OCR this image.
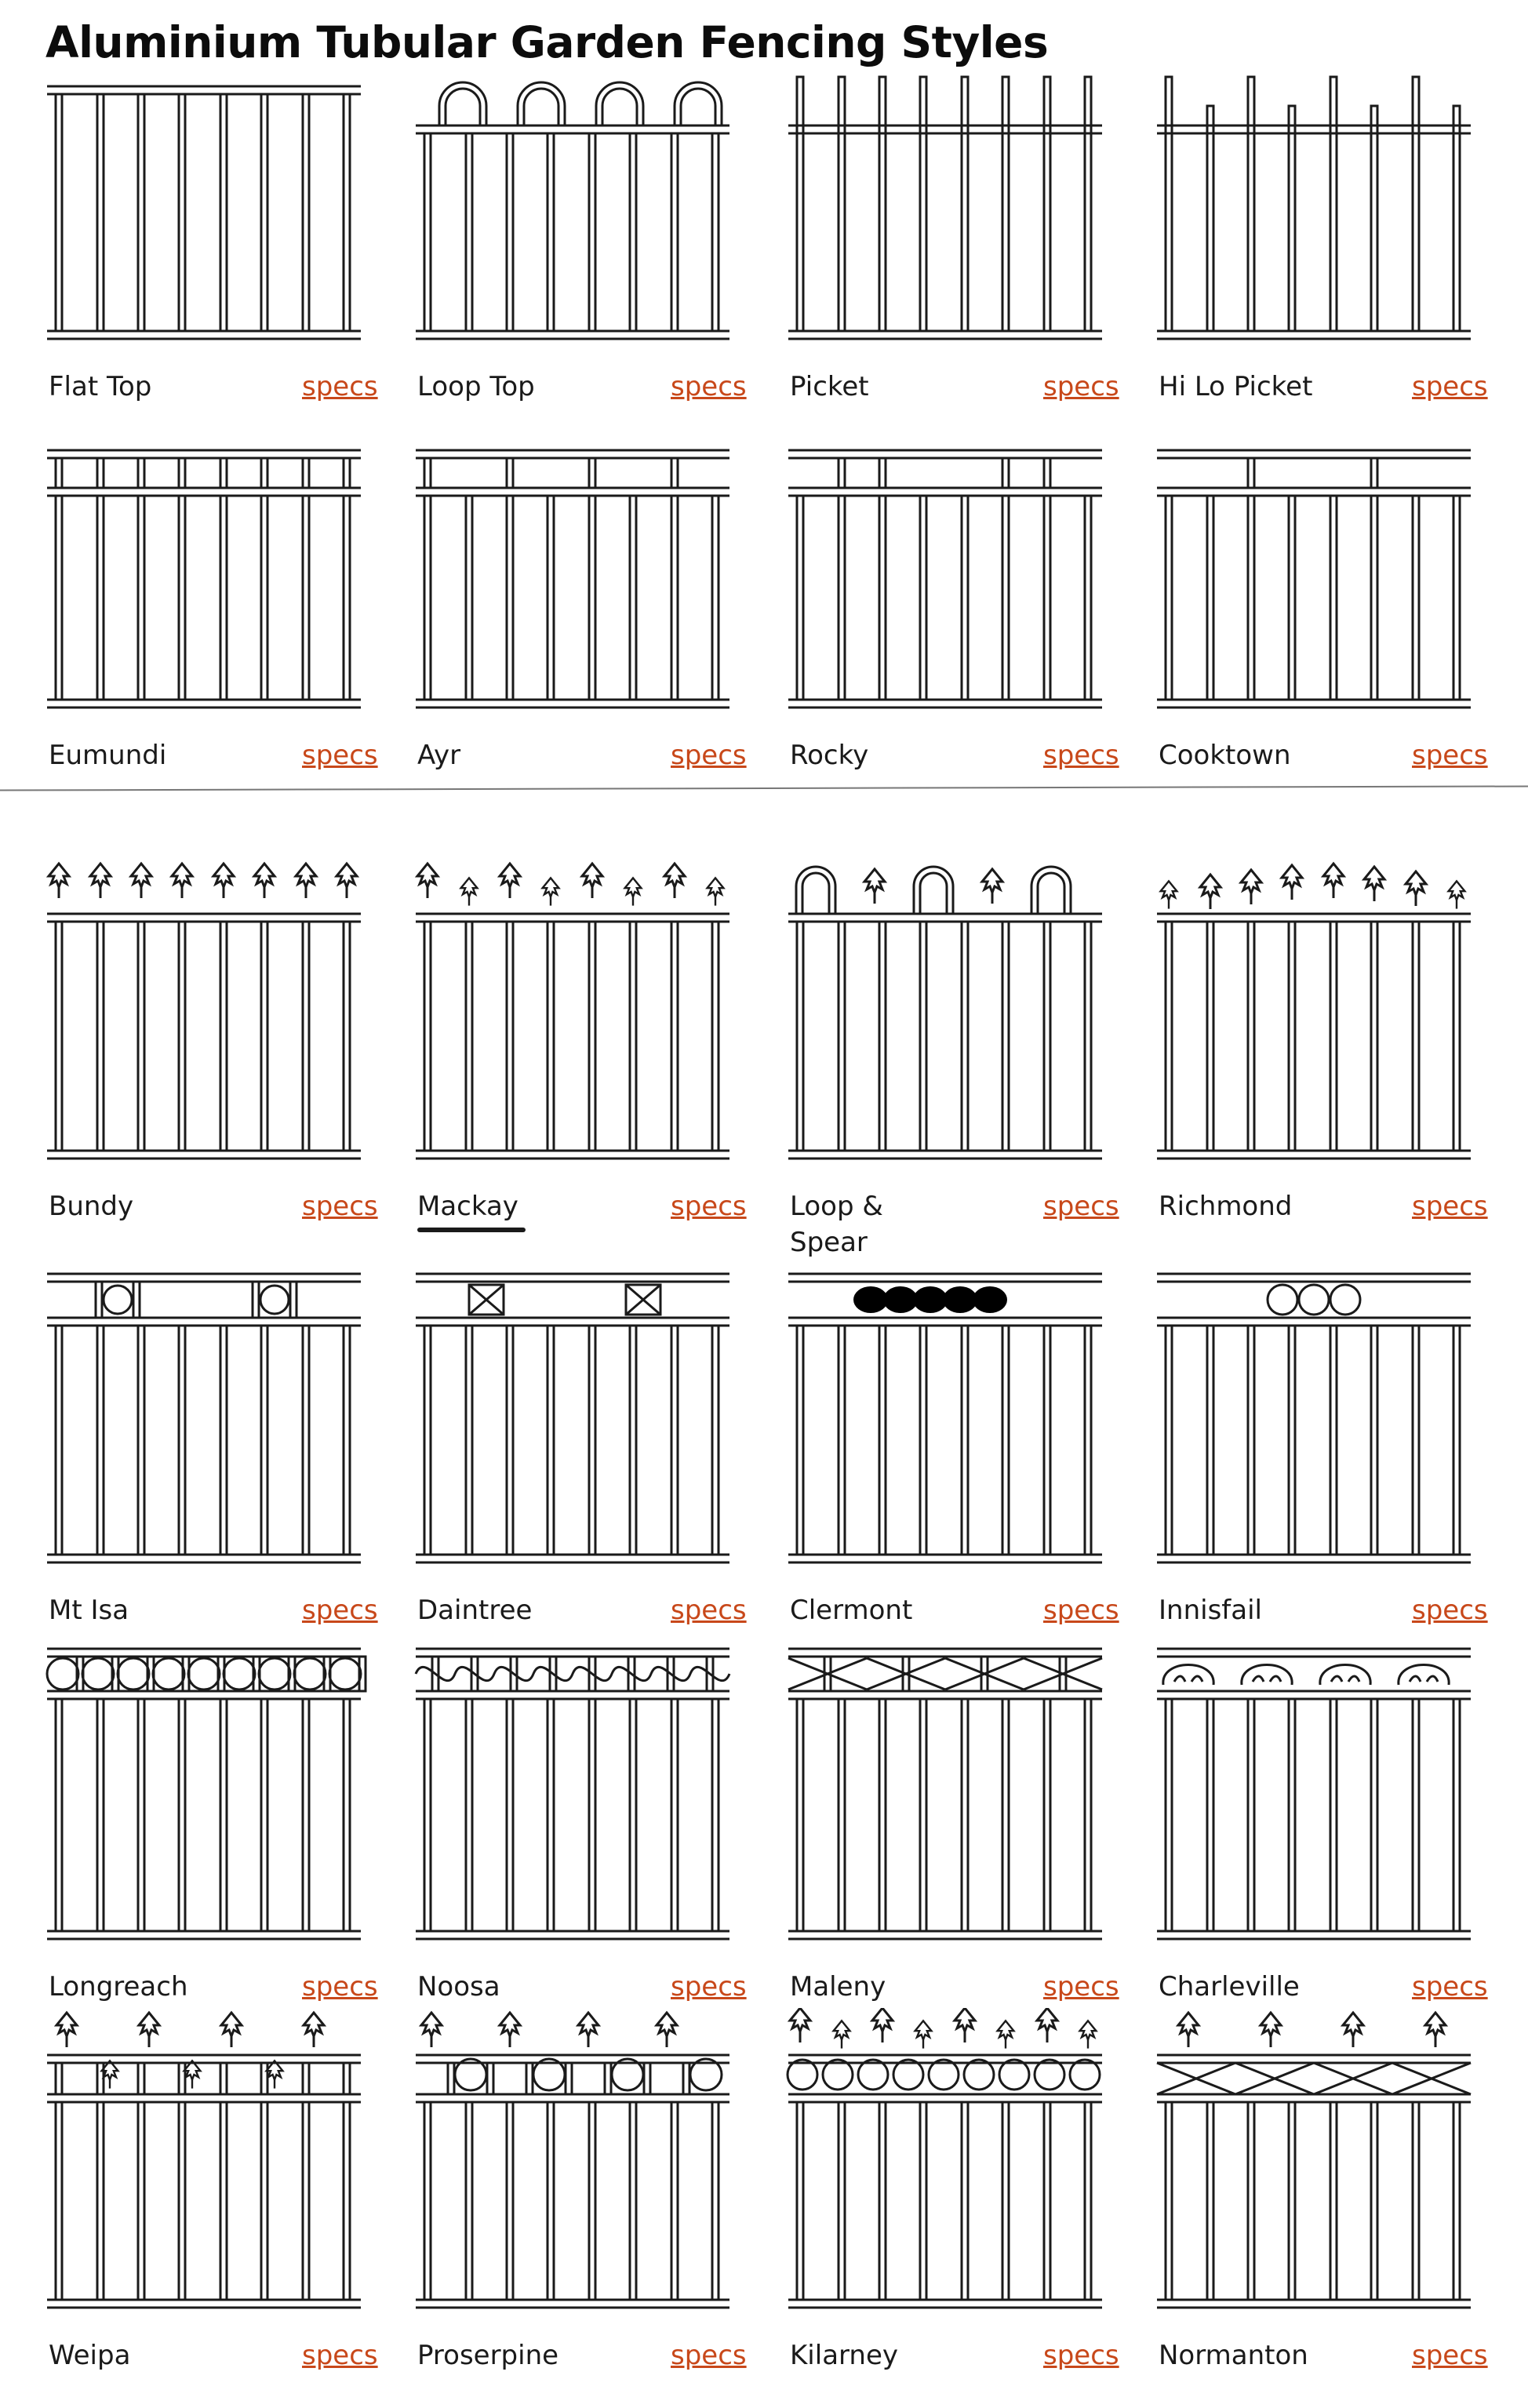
Aluminium Tubular Garden Fencing Styles
Flat Top	specs Loop Top	specs Picket	specs Hi Lo Picket	specs
Eumundi	specs Ayr	specs Rocky	specs Cooktown	specs
Bundy	specs Mackay	specs Loop &
Spear
specs Richmond	specs
Mt Isa	specs Daintree	specs Clermont	specs Innisfail	specs
Longreach	specs Noosa	specs Maleny	specs Charleville	specs
Weipa	specs Proserpine	specs Kilarney	specs Normanton	specs
